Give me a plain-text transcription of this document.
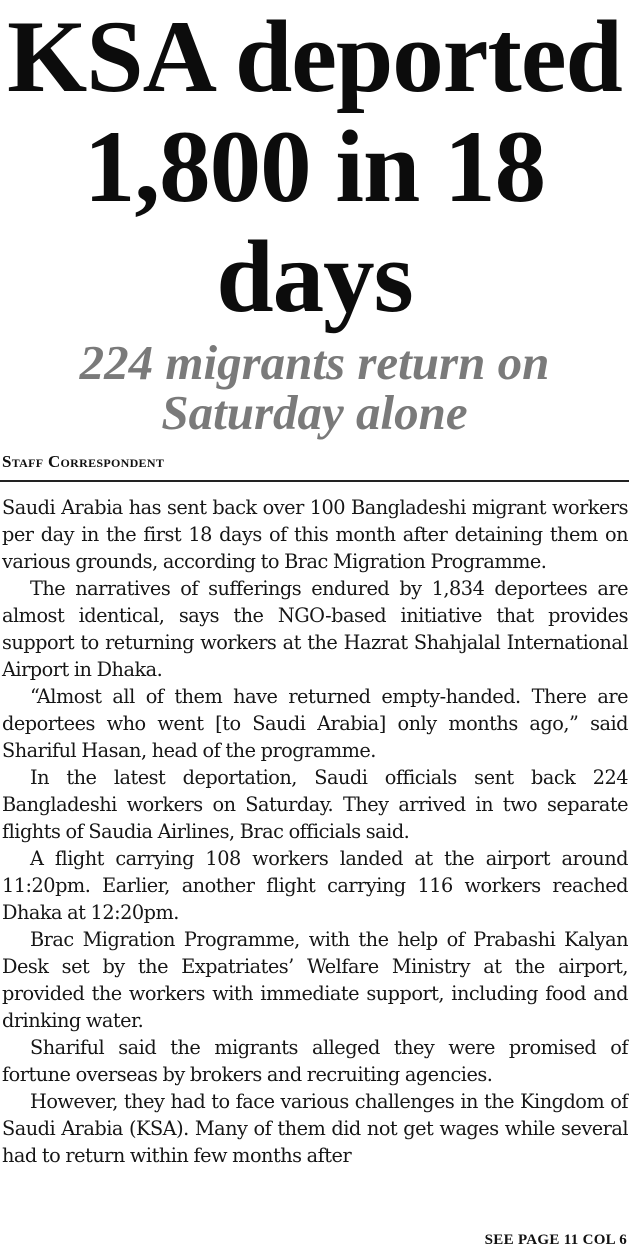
KSA deported
1,800 in 18
days
224 migrants return on
Saturday alone
Staff Correspondent

Saudi Arabia has sent back over 100 Bangladeshi migrant workers per day in the first 18 days of this month after detaining them on various grounds, according to Brac Migration Programme.

The narratives of sufferings endured by 1,834 deportees are almost identical, says the NGO-based initiative that provides support to returning workers at the Hazrat Shahjalal International Airport in Dhaka.

“Almost all of them have returned empty-handed. There are deportees who went [to Saudi Arabia] only months ago,” said Shariful Hasan, head of the programme.

In the latest deportation, Saudi officials sent back 224 Bangladeshi workers on Saturday. They arrived in two separate flights of Saudia Airlines, Brac officials said.

A flight carrying 108 workers landed at the airport around 11:20pm. Earlier, another flight carrying 116 workers reached Dhaka at 12:20pm.

Brac Migration Programme, with the help of Prabashi Kalyan Desk set by the Expatriates’ Welfare Ministry at the airport, provided the workers with immediate support, including food and drinking water.

Shariful said the migrants alleged they were promised of fortune overseas by brokers and recruiting agencies.

However, they had to face various challenges in the Kingdom of Saudi Arabia (KSA). Many of them did not get wages while several had to return within few months after

SEE PAGE 11 COL 6
